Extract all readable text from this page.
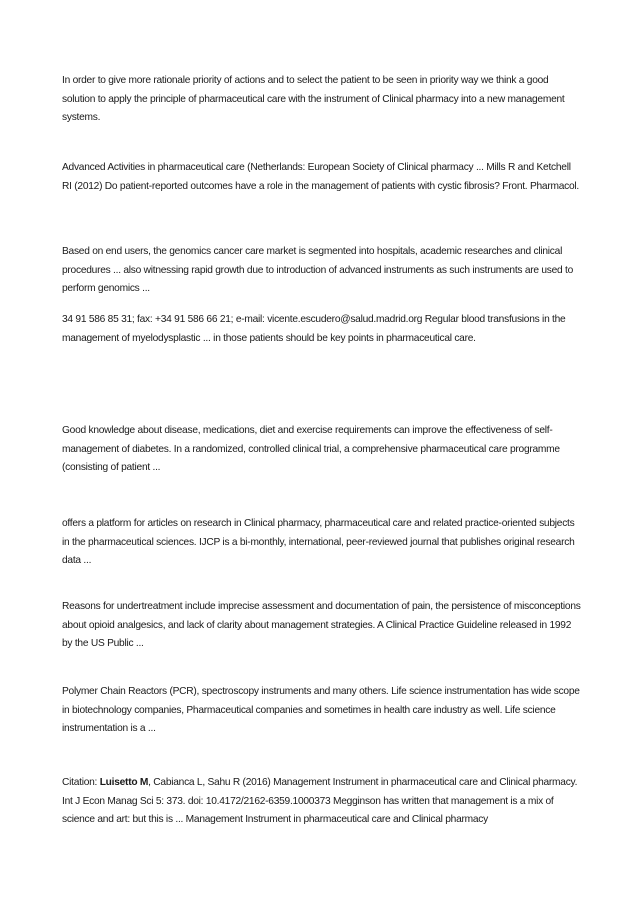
In order to give more rationale priority of actions and to select the patient to be seen in priority way we think a good solution to apply the principle of pharmaceutical care with the instrument of Clinical pharmacy into a new management systems.

Advanced Activities in pharmaceutical care (Netherlands: European Society of Clinical pharmacy ... Mills R and Ketchell RI (2012) Do patient-reported outcomes have a role in the management of patients with cystic fibrosis? Front. Pharmacol.

Based on end users, the genomics cancer care market is segmented into hospitals, academic researches and clinical procedures ... also witnessing rapid growth due to introduction of advanced instruments as such instruments are used to perform genomics ...

34 91 586 85 31; fax: +34 91 586 66 21; e-mail: vicente.escudero@salud.madrid.org Regular blood transfusions in the management of myelodysplastic ... in those patients should be key points in pharmaceutical care.

Good knowledge about disease, medications, diet and exercise requirements can improve the effectiveness of self-management of diabetes. In a randomized, controlled clinical trial, a comprehensive pharmaceutical care programme (consisting of patient ...

offers a platform for articles on research in Clinical pharmacy, pharmaceutical care and related practice-oriented subjects in the pharmaceutical sciences. IJCP is a bi-monthly, international, peer-reviewed journal that publishes original research data ...

Reasons for undertreatment include imprecise assessment and documentation of pain, the persistence of misconceptions about opioid analgesics, and lack of clarity about management strategies. A Clinical Practice Guideline released in 1992 by the US Public ...

Polymer Chain Reactors (PCR), spectroscopy instruments and many others. Life science instrumentation has wide scope in biotechnology companies, Pharmaceutical companies and sometimes in health care industry as well. Life science instrumentation is a ...

Citation: Luisetto M, Cabianca L, Sahu R (2016) Management Instrument in pharmaceutical care and Clinical pharmacy. Int J Econ Manag Sci 5: 373. doi: 10.4172/2162-6359.1000373 Megginson has written that management is a mix of science and art: but this is ... Management Instrument in pharmaceutical care and Clinical pharmacy
